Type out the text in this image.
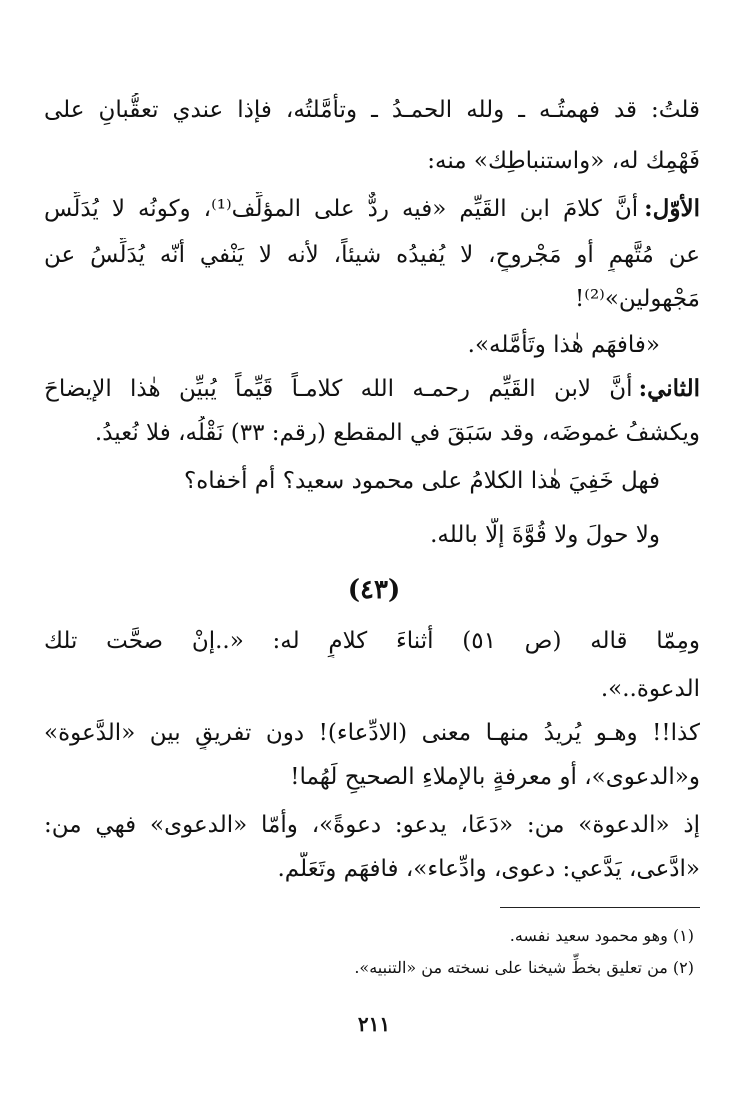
قلتُ: قد فهمتُـه ـ ولله الحمـدُ ـ وتأمَّلتُه، فإذا عندي تعقُّبانِ على
فَهْمِك له، «واستنباطِك» منه:
الأوّل:أنَّ كلامَ ابن القَيِّم «فيه ردٌّ على المؤلِّف⁽¹⁾، وكونُه لا يُدَلِّس
عن مُتَّهمٍ أو مَجْروحٍ، لا يُفيدُه شيئاً، لأنه لا يَنْفي أنّه يُدَلِّسُ عن
مَجْهولين»⁽²⁾!
«فافهَم هٰذا وتَأمَّله».
الثاني:أنَّ لابن القَيِّم رحمـه الله كلامـاً قَيِّماً يُبيِّن هٰذا الإيضاحَ
ويكشفُ غموضَه، وقد سَبَقَ في المقطع (رقم: ٣٣) نَقْلُه، فلا نُعيدُ.
فهل خَفِيَ هٰذا الكلامُ على محمود سعيد؟ أم أخفاه؟
ولا حولَ ولا قُوَّةَ إلّا بالله.
(٤٣)
ومِمّا قاله (ص ٥١) أثناءَ كلامٍ له: «..إنْ صحَّت تلك
الدعوة..».
كذا!! وهـو يُريدُ منهـا معنى (الادِّعاء)! دون تفريقٍ بين «الدَّعوة»
و«الدعوى»، أو معرفةٍ بالإملاءِ الصحيحِ لَهُما!
إذ «الدعوة» من: «دَعَا، يدعو: دعوةً»، وأمّا «الدعوى» فهي من:
«ادَّعى، يَدَّعي: دعوى، وادِّعاء»، فافهَم وتَعَلَّم.
(١) وهو محمود سعيد نفسه.
(٢) من تعليق بخطِّ شيخنا على نسخته من «التنبيه».
٢١١
